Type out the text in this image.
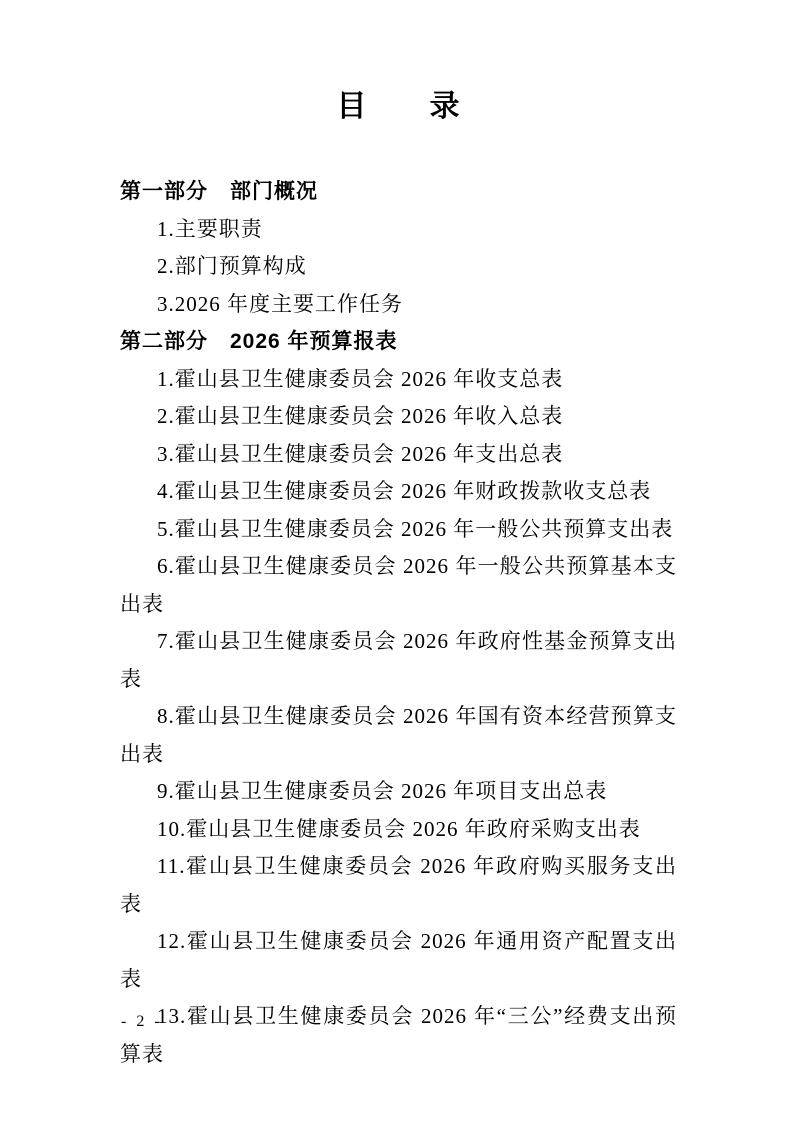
目　　录

第一部分　部门概况

1.主要职责

2.部门预算构成

3.2026 年度主要工作任务

第二部分　2026 年预算报表

1.霍山县卫生健康委员会 2026 年收支总表

2.霍山县卫生健康委员会 2026 年收入总表

3.霍山县卫生健康委员会 2026 年支出总表

4.霍山县卫生健康委员会 2026 年财政拨款收支总表

5.霍山县卫生健康委员会 2026 年一般公共预算支出表

6.霍山县卫生健康委员会 2026 年一般公共预算基本支出表

7.霍山县卫生健康委员会 2026 年政府性基金预算支出表

8.霍山县卫生健康委员会 2026 年国有资本经营预算支出表

9.霍山县卫生健康委员会 2026 年项目支出总表

10.霍山县卫生健康委员会 2026 年政府采购支出表

11.霍山县卫生健康委员会 2026 年政府购买服务支出表

12.霍山县卫生健康委员会 2026 年通用资产配置支出表

13.霍山县卫生健康委员会 2026 年“三公”经费支出预算表

- 2 -
